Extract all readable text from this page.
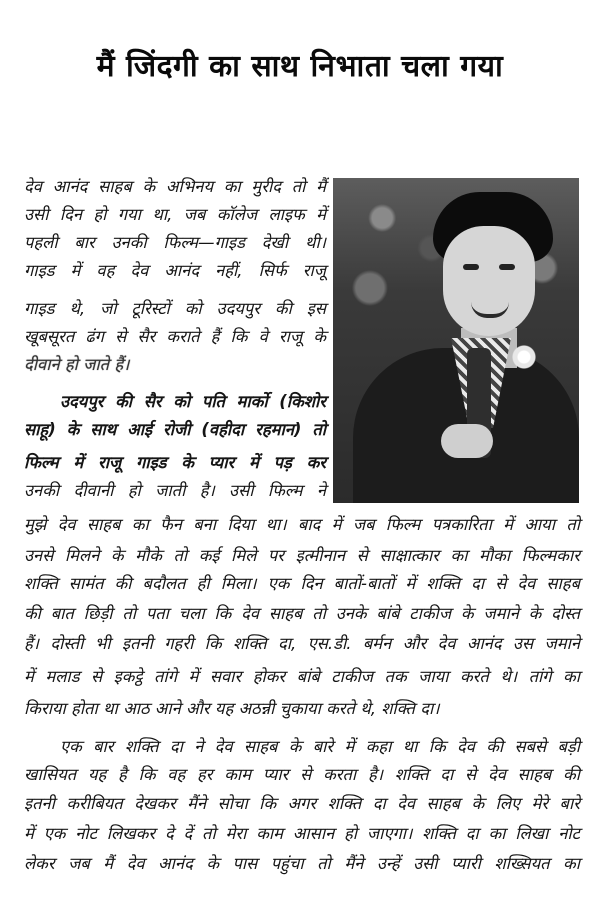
मैं जिंदगी का साथ निभाता चला गया
देव आनंद साहब के अभिनय का मुरीद तो मैं
उसी दिन हो गया था, जब कॉलेज लाइफ में
पहली बार उनकी फिल्म—गाइड देखी थी।
गाइड में वह देव आनंद नहीं, सिर्फ राजू
गाइड थे, जो टूरिस्टों को उदयपुर की इस
खूबसूरत ढंग से सैर कराते हैं कि वे राजू के
दीवाने हो जाते हैं।
उदयपुर की सैर को पति मार्को (किशोर
साहू) के साथ आई रोजी (वहीदा रहमान) तो
फिल्म में राजू गाइड के प्यार में पड़ कर
उनकी दीवानी हो जाती है। उसी फिल्म ने
मुझे देव साहब का फैन बना दिया था। बाद में जब फिल्म पत्रकारिता में आया तो
उनसे मिलने के मौके तो कई मिले पर इत्मीनान से साक्षात्कार का मौका फिल्मकार
शक्ति सामंत की बदौलत ही मिला। एक दिन बातों-बातों में शक्ति दा से देव साहब
की बात छिड़ी तो पता चला कि देव साहब तो उनके बांबे टाकीज के जमाने के दोस्त
हैं। दोस्ती भी इतनी गहरी कि शक्ति दा, एस.डी. बर्मन और देव आनंद उस जमाने
में मलाड से इकट्ठे तांगे में सवार होकर बांबे टाकीज तक जाया करते थे। तांगे का
किराया होता था आठ आने और यह अठन्नी चुकाया करते थे, शक्ति दा।
एक बार शक्ति दा ने देव साहब के बारे में कहा था कि देव की सबसे बड़ी
खासियत यह है कि वह हर काम प्यार से करता है। शक्ति दा से देव साहब की
इतनी करीबियत देखकर मैंने सोचा कि अगर शक्ति दा देव साहब के लिए मेरे बारे
में एक नोट लिखकर दे दें तो मेरा काम आसान हो जाएगा। शक्ति दा का लिखा नोट
लेकर जब मैं देव आनंद के पास पहुंचा तो मैंने उन्हें उसी प्यारी शख्सियत का
